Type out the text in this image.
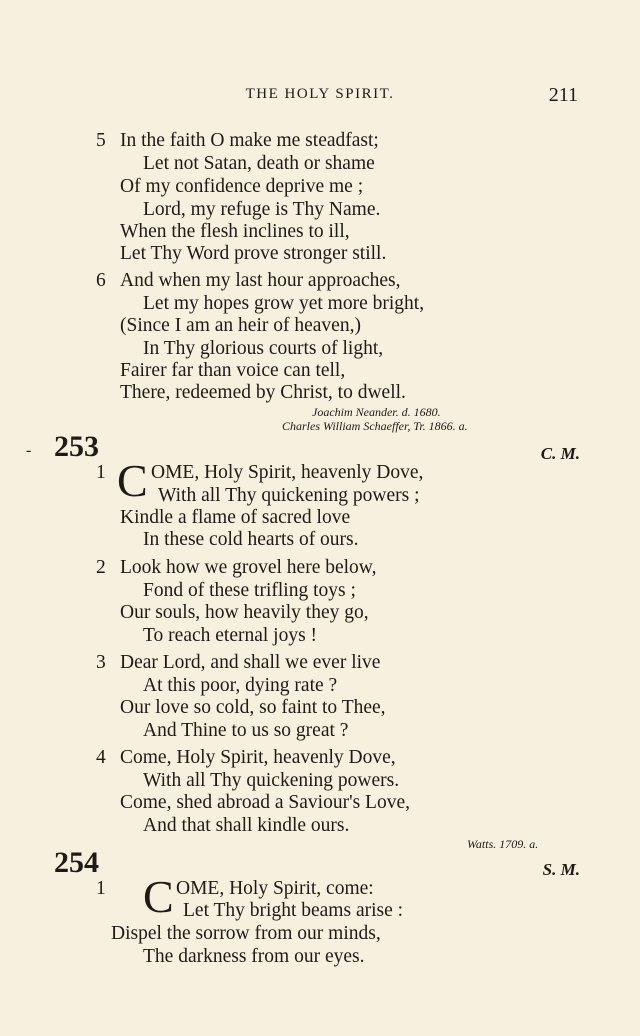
THE HOLY SPIRIT.	211
5 In the faith O make me steadfast;
Let not Satan, death or shame
Of my confidence deprive me ;
Lord, my refuge is Thy Name.
When the flesh inclines to ill,
Let Thy Word prove stronger still.
6 And when my last hour approaches,
Let my hopes grow yet more bright,
(Since I am an heir of heaven,)
In Thy glorious courts of light,
Fairer far than voice can tell,
There, redeemed by Christ, to dwell.
Joachim Neander. d. 1680.
Charles William Schaeffer, Tr. 1866. a.
- 253	C. M.
1 C OME, Holy Spirit, heavenly Dove,
With all Thy quickening powers ;
Kindle a flame of sacred love
In these cold hearts of ours.
2 Look how we grovel here below,
Fond of these trifling toys ;
Our souls, how heavily they go,
To reach eternal joys !
3 Dear Lord, and shall we ever live
At this poor, dying rate ?
Our love so cold, so faint to Thee,
And Thine to us so great ?
4 Come, Holy Spirit, heavenly Dove,
With all Thy quickening powers.
Come, shed abroad a Saviour's Love,
And that shall kindle ours.
Watts. 1709. a.
254	S. M.
1 C OME, Holy Spirit, come:
Let Thy bright beams arise :
Dispel the sorrow from our minds,
The darkness from our eyes.
